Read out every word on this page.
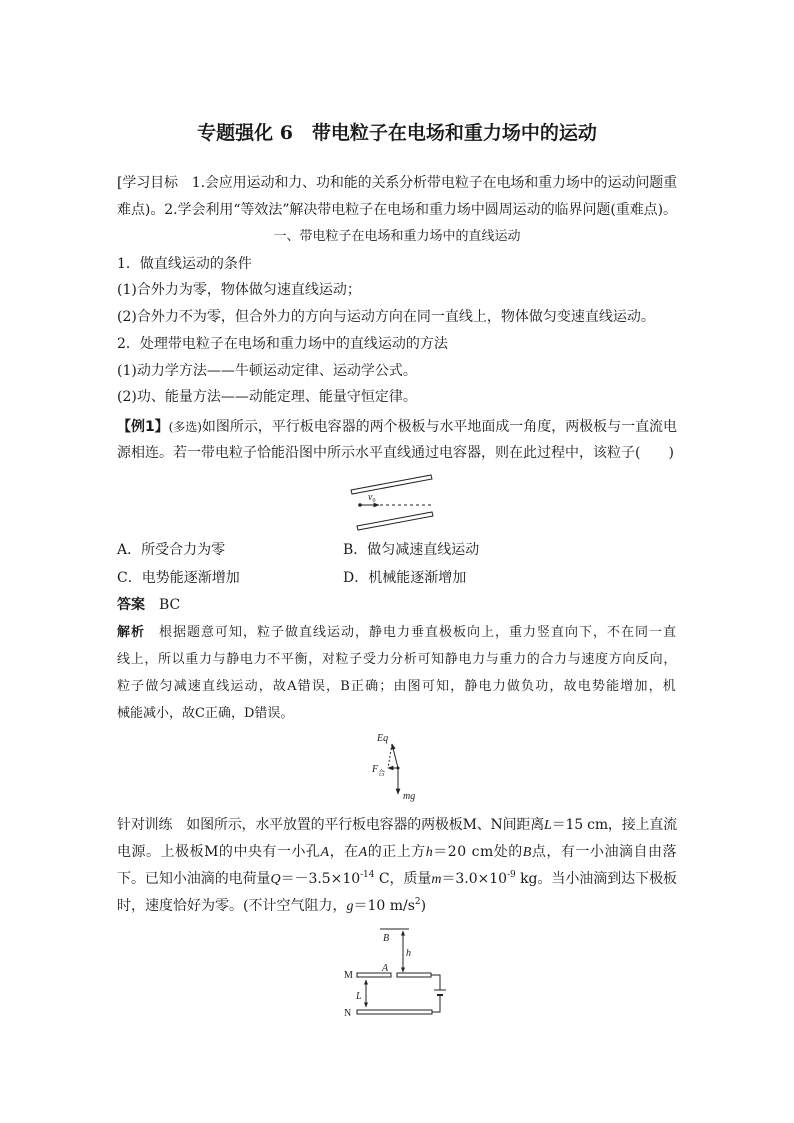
专题强化 6　带电粒子在电场和重力场中的运动
[学习目标　1.会应用运动和力、功和能的关系分析带电粒子在电场和重力场中的运动问题重
难点)。2.学会利用“等效法”解决带电粒子在电场和重力场中圆周运动的临界问题(重难点)。
一、带电粒子在电场和重力场中的直线运动
1．做直线运动的条件
(1)合外力为零，物体做匀速直线运动；
(2)合外力不为零，但合外力的方向与运动方向在同一直线上，物体做匀变速直线运动。
2．处理带电粒子在电场和重力场中的直线运动的方法
(1)动力学方法——牛顿运动定律、运动学公式。
(2)功、能量方法——动能定理、能量守恒定律。
【例1】(多选)如图所示，平行板电容器的两个极板与水平地面成一角度，两极板与一直流电
源相连。若一带电粒子恰能沿图中所示水平直线通过电容器，则在此过程中，该粒子(　　)
$v_0$
A．所受合力为零	B．做匀减速直线运动
C．电势能逐渐增加	D．机械能逐渐增加
答案 BC
解析 根据题意可知，粒子做直线运动，静电力垂直极板向上，重力竖直向下，不在同一直
线上，所以重力与静电力不平衡，对粒子受力分析可知静电力与重力的合力与速度方向反向，
粒子做匀减速直线运动，故A错误，B正确；由图可知，静电力做负功，故电势能增加，机
械能减小，故C正确，D错误。
Eq
$F_合$
mg
针对训练 如图所示，水平放置的平行板电容器的两极板M、N间距离L＝15 cm，接上直流
电源。上极板M的中央有一小孔A，在A的正上方h＝20 cm处的B点，有一小油滴自由落
下。已知小油滴的电荷量$Q=-3.5\times 10^{-14}$ C，质量$m=3.0\times 10^{-9}$ kg。当小油滴到达下极板
时，速度恰好为零。(不计空气阻力，g＝10 $m/s^2$)
B
h
M
A
N
L
